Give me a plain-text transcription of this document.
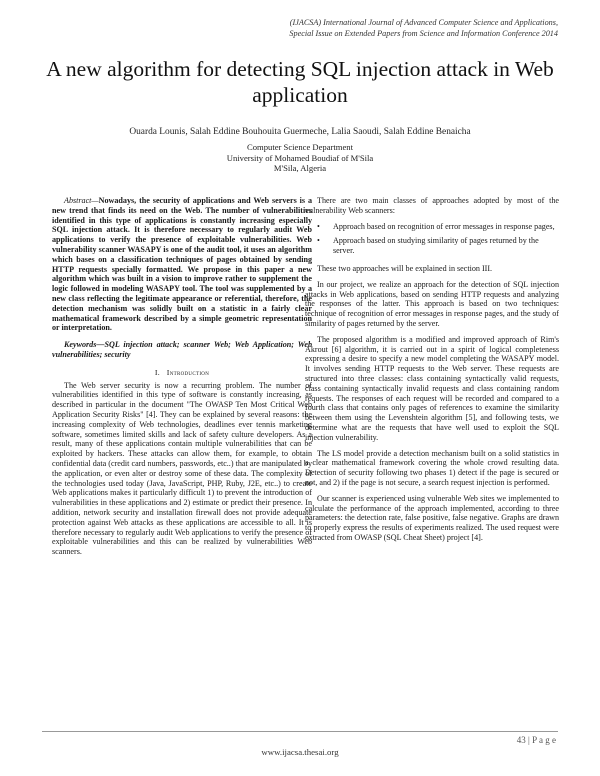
(IJACSA) International Journal of Advanced Computer Science and Applications,
Special Issue on Extended Papers from Science and Information Conference 2014
A new algorithm for detecting SQL injection attack in Web application
Ouarda Lounis, Salah Eddine Bouhouita Guermeche, Lalia Saoudi, Salah Eddine Benaicha
Computer Science Department
University of Mohamed Boudiaf of M'Sila
M'Sila, Algeria

Abstract—Nowadays, the security of applications and Web servers is a new trend that finds its need on the Web. The number of vulnerabilities identified in this type of applications is constantly increasing especially SQL injection attack. It is therefore necessary to regularly audit Web applications to verify the presence of exploitable vulnerabilities. Web vulnerability scanner WASAPY is one of the audit tool, it uses an algorithm which bases on a classification techniques of pages obtained by sending HTTP requests specially formatted. We propose in this paper a new algorithm which was built in a vision to improve rather to supplement the logic followed in modeling WASAPY tool. The tool was supplemented by a new class reflecting the legitimate appearance or referential, therefore, the detection mechanism was solidly built on a statistic in a fairly clear mathematical framework described by a simple geometric representation or interpretation.

Keywords—SQL injection attack; scanner Web; Web Application; Web vulnerabilities; security

I. Introduction

The Web server security is now a recurring problem. The number of vulnerabilities identified in this type of software is constantly increasing, as described in particular in the document "The OWASP Ten Most Critical Web Application Security Risks" [4]. They can be explained by several reasons: the increasing complexity of Web technologies, deadlines ever tennis marketing software, sometimes limited skills and lack of safety culture developers. As a result, many of these applications contain multiple vulnerabilities that can be exploited by hackers. These attacks can allow them, for example, to obtain confidential data (credit card numbers, passwords, etc..) that are manipulated by the application, or even alter or destroy some of these data. The complexity of the technologies used today (Java, JavaScript, PHP, Ruby, J2E, etc..) to create Web applications makes it particularly difficult 1) to prevent the introduction of vulnerabilities in these applications and 2) estimate or predict their presence. In addition, network security and installation firewall does not provide adequate protection against Web attacks as these applications are accessible to all. It is therefore necessary to regularly audit Web applications to verify the presence of exploitable vulnerabilities and this can be realized by vulnerabilities Web scanners.

There are two main classes of approaches adopted by most of the vulnerability Web scanners:

• Approach based on recognition of error messages in response pages,
• Approach based on studying similarity of pages returned by the server.

These two approaches will be explained in section III.

In our project, we realize an approach for the detection of SQL injection attacks in Web applications, based on sending HTTP requests and analyzing the responses of the latter. This approach is based on two techniques: technique of recognition of error messages in response pages, and the study of similarity of pages returned by the server.

The proposed algorithm is a modified and improved approach of Rim's Akrout [6] algorithm, it is carried out in a spirit of logical completeness expressing a desire to specify a new model completing the WASAPY model. It involves sending HTTP requests to the Web server. These requests are structured into three classes: class containing syntactically valid requests, class containing syntactically invalid requests and class containing random requests. The responses of each request will be recorded and compared to a fourth class that contains only pages of references to examine the similarity between them using the Levenshtein algorithm [5], and following tests, we determine what are the requests that have well used to exploit the SQL injection vulnerability.

The LS model provide a detection mechanism built on a solid statistics in a clear mathematical framework covering the whole crowd resulting data. Detection of security following two phases 1) detect if the page is secured or not, and 2) if the page is not secure, a search request injection is performed.

Our scanner is experienced using vulnerable Web sites we implemented to calculate the performance of the approach implemented, according to three parameters: the detection rate, false positive, false negative. Graphs are drawn to properly express the results of experiments realized. The used request were extracted from OWASP (SQL Cheat Sheet) project [4].

43 | P a g e
www.ijacsa.thesai.org
